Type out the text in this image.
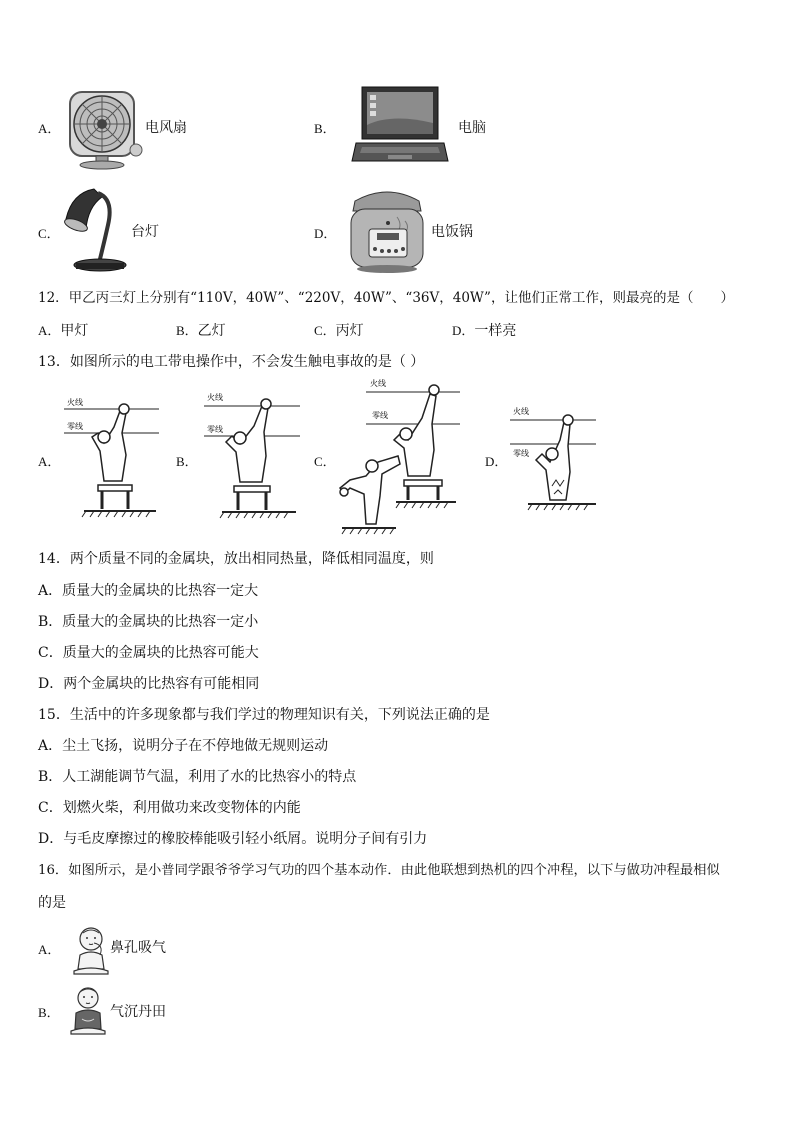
A．	电风扇	B．	电脑
C．	台灯	D．	电饭锅
12．甲乙丙三灯上分别有“110V，40W”、“220V，40W”、“36V，40W”，让他们正常工作，则最亮的是（　　）
A．甲灯	B．乙灯	C．丙灯	D．一样亮
13．如图所示的电工带电操作中，不会发生触电事故的是（ ）
A．
火线
零线
B．
火线
零线
C．
火线
零线
D．
火线
零线
14．两个质量不同的金属块，放出相同热量，降低相同温度，则
A．质量大的金属块的比热容一定大
B．质量大的金属块的比热容一定小
C．质量大的金属块的比热容可能大
D．两个金属块的比热容有可能相同
15．生活中的许多现象都与我们学过的物理知识有关，下列说法正确的是
A．尘土飞扬，说明分子在不停地做无规则运动
B．人工湖能调节气温，利用了水的比热容小的特点
C．划燃火柴，利用做功来改变物体的内能
D．与毛皮摩擦过的橡胶棒能吸引轻小纸屑。说明分子间有引力
16．如图所示，是小普同学跟爷爷学习气功的四个基本动作．由此他联想到热机的四个冲程，以下与做功冲程最相似
的是
A．	鼻孔吸气
B．	气沉丹田
